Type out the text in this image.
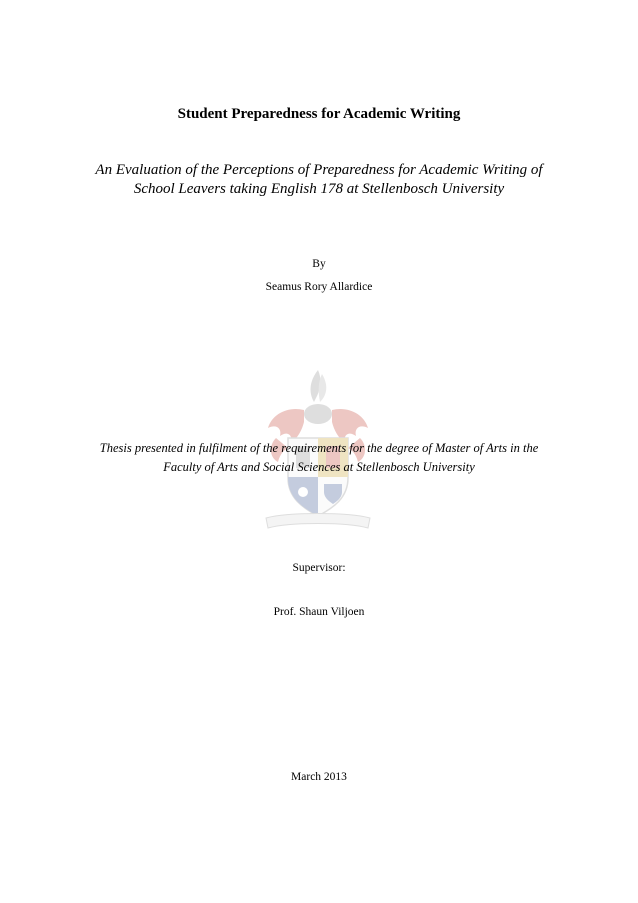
Student Preparedness for Academic Writing
An Evaluation of the Perceptions of Preparedness for Academic Writing of
School Leavers taking English 178 at Stellenbosch University
By
Seamus Rory Allardice
Thesis presented in fulfilment of the requirements for the degree of Master of Arts in the
Faculty of Arts and Social Sciences at Stellenbosch University
Supervisor:
Prof. Shaun Viljoen
March 2013
